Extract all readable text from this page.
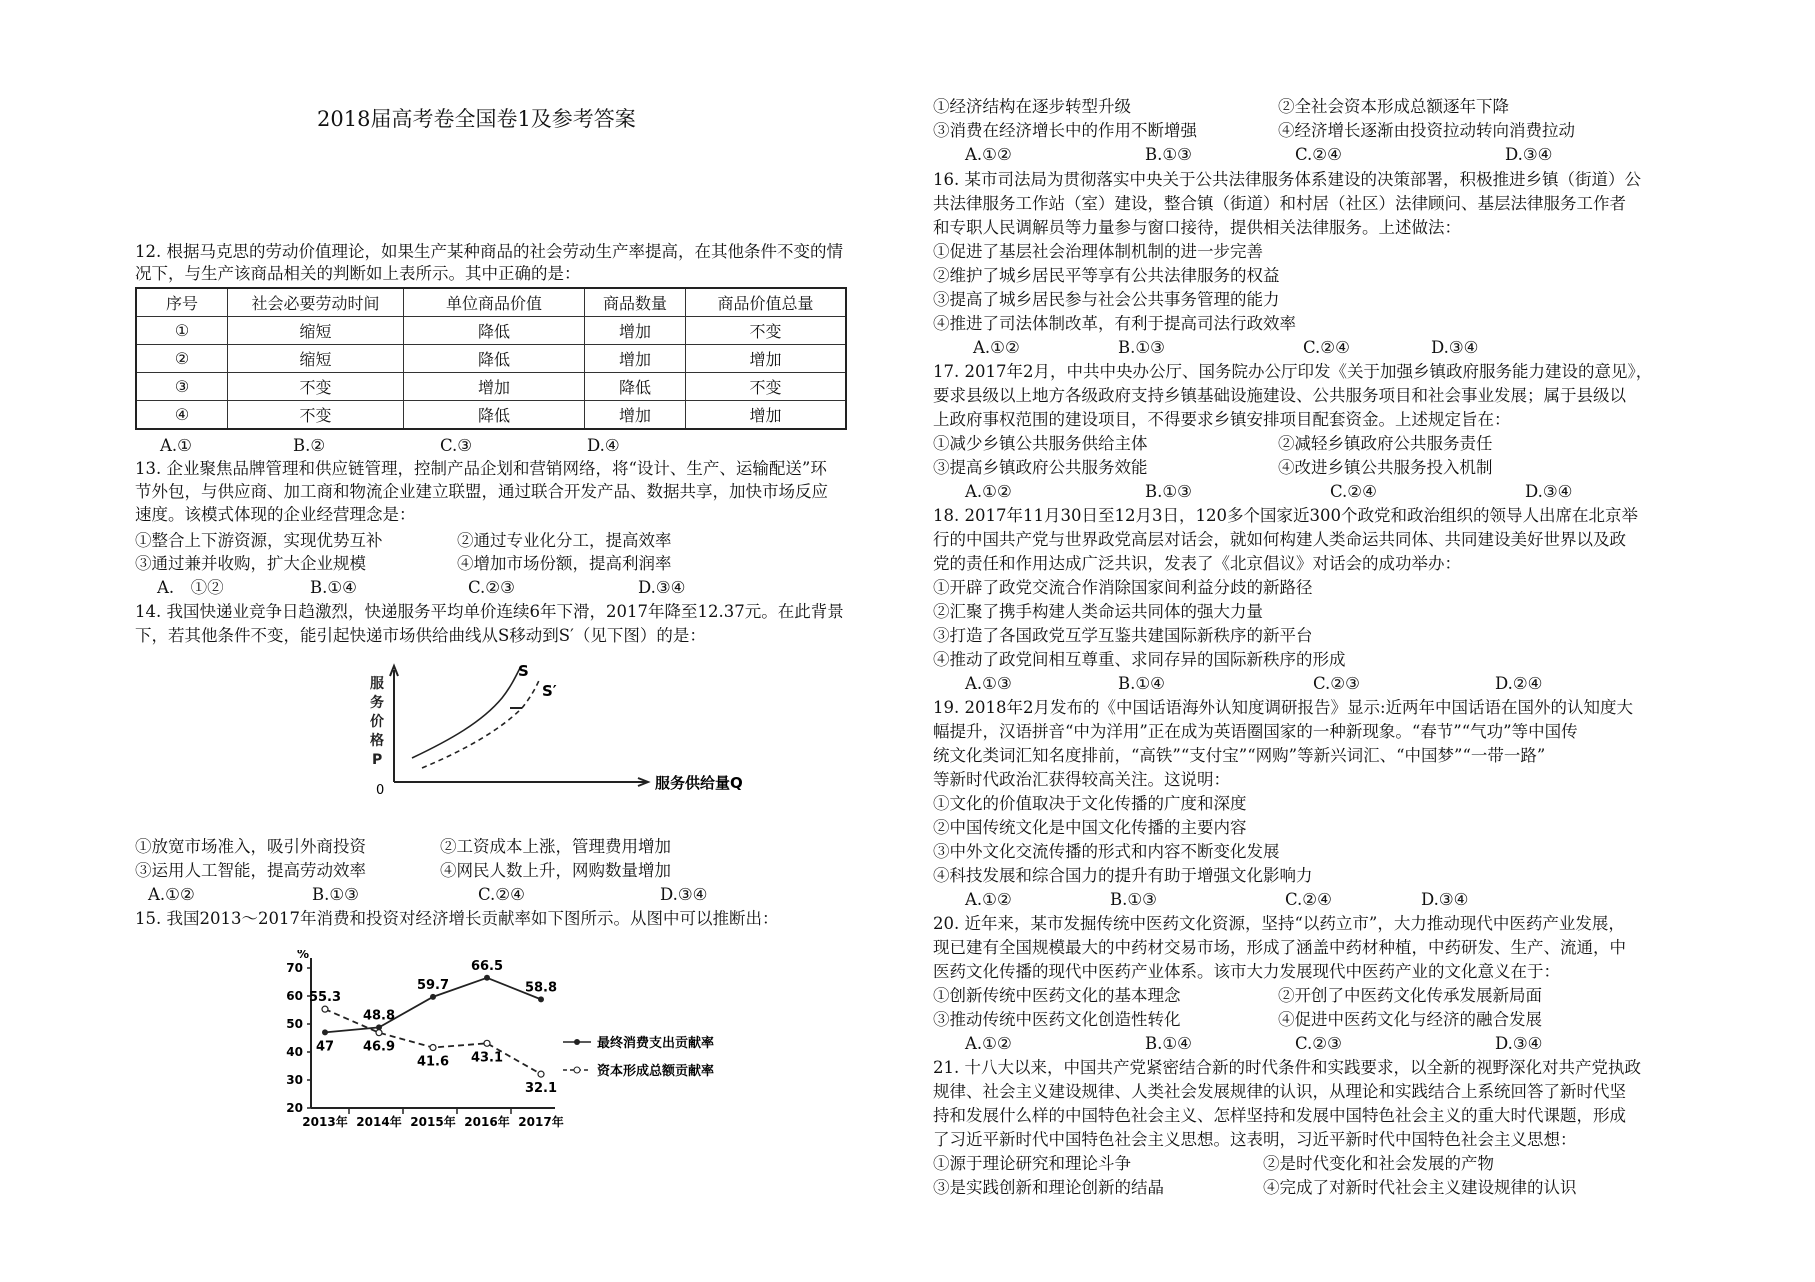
2018届高考卷全国卷1及参考答案
12. 根据马克思的劳动价值理论，如果生产某种商品的社会劳动生产率提高，在其他条件不变的情
况下，与生产该商品相关的判断如上表所示。其中正确的是：
序号	社会必要劳动时间	单位商品价值	商品数量	商品价值总量
①	缩短	降低	增加	不变
②	缩短	降低	增加	增加
③	不变	增加	降低	不变
④	不变	降低	增加	增加
A.①	B.②	C.③	D.④
13. 企业聚焦品牌管理和供应链管理，控制产品企划和营销网络，将“设计、生产、运输配送”环
节外包，与供应商、加工商和物流企业建立联盟，通过联合开发产品、数据共享，加快市场反应
速度。该模式体现的企业经营理念是：
①整合上下游资源，实现优势互补	②通过专业化分工，提高效率
③通过兼并收购，扩大企业规模	④增加市场份额，提高利润率
A.　①②	B.①④	C.②③	D.③④
14. 我国快递业竞争日趋激烈，快递服务平均单价连续6年下滑，2017年降至12.37元。在此背景
下，若其他条件不变，能引起快递市场供给曲线从S移动到S′（见下图）的是：
服
务
价
格
P
0	服务供给量Q
S
S′
①放宽市场准入，吸引外商投资	②工资成本上涨，管理费用增加
③运用人工智能，提高劳动效率	④网民人数上升，网购数量增加
A.①②	B.①③	C.②④	D.③④
15. 我国2013～2017年消费和投资对经济增长贡献率如下图所示。从图中可以推断出：
%
20
30
40
50
60
70
2013年 2014年 2015年 2016年 2017年
47
48.8
59.7
66.5
58.8
55.3
46.9
41.6 43.1
32.1
最终消费支出贡献率
资本形成总额贡献率
①经济结构在逐步转型升级	②全社会资本形成总额逐年下降
③消费在经济增长中的作用不断增强	④经济增长逐渐由投资拉动转向消费拉动
A.①②	B.①③	C.②④	D.③④
16. 某市司法局为贯彻落实中央关于公共法律服务体系建设的决策部署，积极推进乡镇（街道）公
共法律服务工作站（室）建设，整合镇（街道）和村居（社区）法律顾问、基层法律服务工作者
和专职人民调解员等力量参与窗口接待，提供相关法律服务。上述做法：
①促进了基层社会治理体制机制的进一步完善
②维护了城乡居民平等享有公共法律服务的权益
③提高了城乡居民参与社会公共事务管理的能力
④推进了司法体制改革，有利于提高司法行政效率
A.①②	B.①③	C.②④	D.③④
17. 2017年2月，中共中央办公厅、国务院办公厅印发《关于加强乡镇政府服务能力建设的意见》，
要求县级以上地方各级政府支持乡镇基础设施建设、公共服务项目和社会事业发展；属于县级以
上政府事权范围的建设项目，不得要求乡镇安排项目配套资金。上述规定旨在：
①减少乡镇公共服务供给主体	②减轻乡镇政府公共服务责任
③提高乡镇政府公共服务效能	④改进乡镇公共服务投入机制
A.①②	B.①③	C.②④	D.③④
18. 2017年11月30日至12月3日，120多个国家近300个政党和政治组织的领导人出席在北京举
行的中国共产党与世界政党高层对话会，就如何构建人类命运共同体、共同建设美好世界以及政
党的责任和作用达成广泛共识，发表了《北京倡议》对话会的成功举办：
①开辟了政党交流合作消除国家间利益分歧的新路径
②汇聚了携手构建人类命运共同体的强大力量
③打造了各国政党互学互鉴共建国际新秩序的新平台
④推动了政党间相互尊重、求同存异的国际新秩序的形成
A.①③	B.①④	C.②③	D.②④
19. 2018年2月发布的《中国话语海外认知度调研报告》显示:近两年中国话语在国外的认知度大
幅提升，汉语拼音“中为洋用”正在成为英语圈国家的一种新现象。“春节”“气功”等中国传
统文化类词汇知名度排前，“高铁”“支付宝”“网购”等新兴词汇、“中国梦”“一带一路”
等新时代政治汇获得较高关注。这说明：
①文化的价值取决于文化传播的广度和深度
②中国传统文化是中国文化传播的主要内容
③中外文化交流传播的形式和内容不断变化发展
④科技发展和综合国力的提升有助于增强文化影响力
A.①②	B.①③	C.②④	D.③④
20. 近年来，某市发掘传统中医药文化资源，坚持“以药立市”，大力推动现代中医药产业发展，
现已建有全国规模最大的中药材交易市场，形成了涵盖中药材种植，中药研发、生产、流通，中
医药文化传播的现代中医药产业体系。该市大力发展现代中医药产业的文化意义在于：
①创新传统中医药文化的基本理念	②开创了中医药文化传承发展新局面
③推动传统中医药文化创造性转化	④促进中医药文化与经济的融合发展
A.①②	B.①④	C.②③	D.③④
21. 十八大以来，中国共产党紧密结合新的时代条件和实践要求，以全新的视野深化对共产党执政
规律、社会主义建设规律、人类社会发展规律的认识，从理论和实践结合上系统回答了新时代坚
持和发展什么样的中国特色社会主义、怎样坚持和发展中国特色社会主义的重大时代课题，形成
了习近平新时代中国特色社会主义思想。这表明，习近平新时代中国特色社会主义思想：
①源于理论研究和理论斗争	②是时代变化和社会发展的产物
③是实践创新和理论创新的结晶	④完成了对新时代社会主义建设规律的认识
